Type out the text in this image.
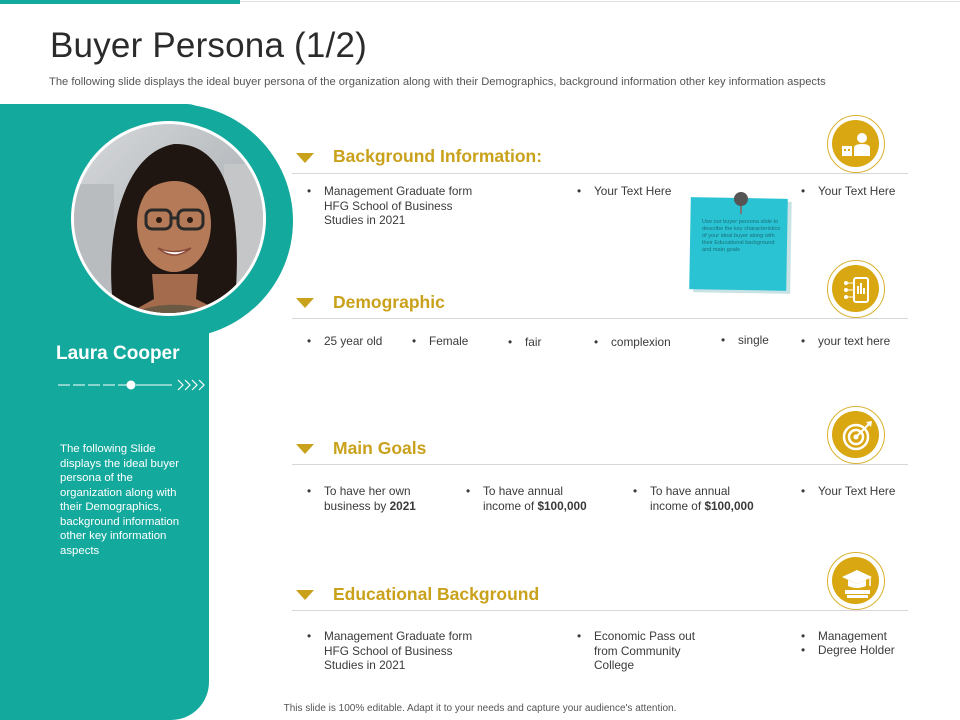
Buyer Persona (1/2)
The following slide displays the ideal buyer persona of the organization along with their Demographics, background information other key information aspects
Laura Cooper
The following Slide displays the ideal buyer persona of the organization along with their Demographics, background information other key information aspects
Background Information:
• Management Graduate form HFG School of Business Studies in 2021
• Your Text Here	• Your Text Here
Use our buyer persona slide to describe the key characteristics of your ideal buyer along with their Educational background and main goals
Demographic
• 25 year old	• Female	• fair	• complexion	• single	• your text here
Main Goals
• To have her own business by 2021
• To have annual income of $100,000
• To have annual income of $100,000
• Your Text Here
Educational Background
• Management Graduate form HFG School of Business Studies in 2021
• Economic Pass out from Community College
• Management
• Degree Holder
This slide is 100% editable. Adapt it to your needs and capture your audience's attention.
